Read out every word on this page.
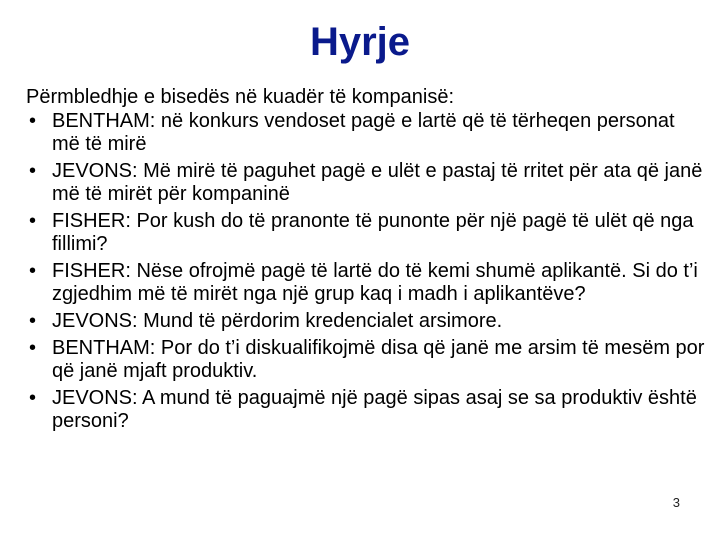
Hyrje
Përmbledhje e bisedës në kuadër të kompanisë:
• BENTHAM: në konkurs vendoset pagë e lartë që të tërheqen personat më të mirë
• JEVONS: Më mirë të paguhet pagë e ulët e pastaj të rritet për ata që janë më të mirët për kompaninë
• FISHER: Por kush do të pranonte të punonte për një pagë të ulët që nga fillimi?
• FISHER: Nëse ofrojmë pagë të lartë do të kemi shumë aplikantë. Si do t’i zgjedhim më të mirët nga një grup kaq i madh i aplikantëve?
• JEVONS: Mund të përdorim kredencialet arsimore.
• BENTHAM: Por do t’i diskualifikojmë disa që janë me arsim të mesëm por që janë mjaft produktiv.
• JEVONS: A mund të paguajmë një pagë sipas asaj se sa produktiv është personi?
3
